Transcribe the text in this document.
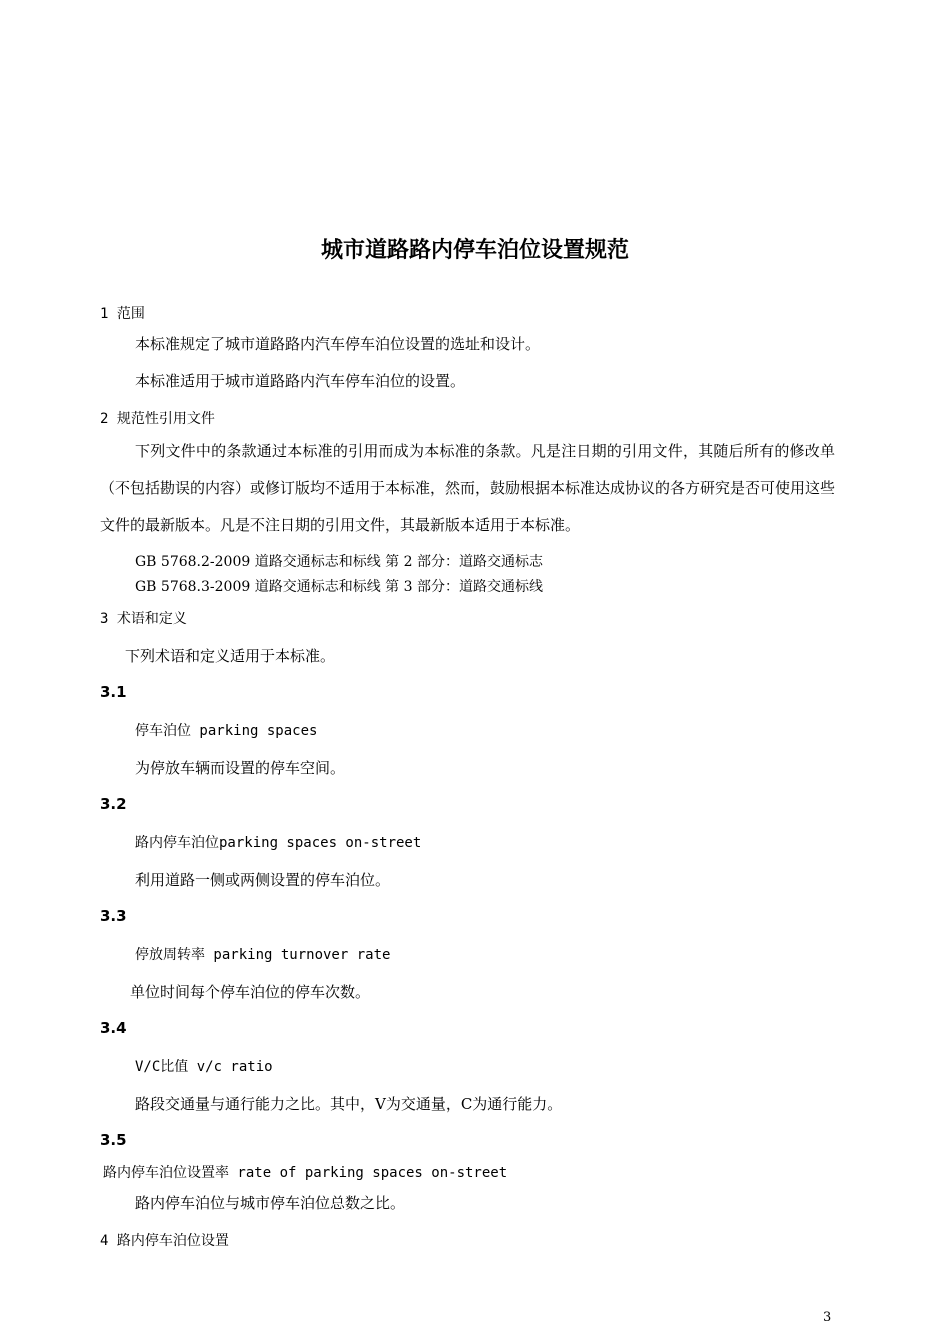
城市道路路内停车泊位设置规范
1 范围
本标准规定了城市道路路内汽车停车泊位设置的选址和设计。
本标准适用于城市道路路内汽车停车泊位的设置。
2 规范性引用文件
下列文件中的条款通过本标准的引用而成为本标准的条款。凡是注日期的引用文件，其随后所有的修改单（不包括勘误的内容）或修订版均不适用于本标准，然而，鼓励根据本标准达成协议的各方研究是否可使用这些文件的最新版本。凡是不注日期的引用文件，其最新版本适用于本标准。
GB 5768.2-2009 道路交通标志和标线 第 2 部分：道路交通标志
GB 5768.3-2009 道路交通标志和标线 第 3 部分：道路交通标线
3 术语和定义
下列术语和定义适用于本标准。
3.1
停车泊位 parking spaces
为停放车辆而设置的停车空间。
3.2
路内停车泊位parking spaces on-street
利用道路一侧或两侧设置的停车泊位。
3.3
停放周转率 parking turnover rate
单位时间每个停车泊位的停车次数。
3.4
V/C比值 v/c ratio
路段交通量与通行能力之比。其中，V为交通量，C为通行能力。
3.5
路内停车泊位设置率 rate of parking spaces on-street
路内停车泊位与城市停车泊位总数之比。
4 路内停车泊位设置
3
